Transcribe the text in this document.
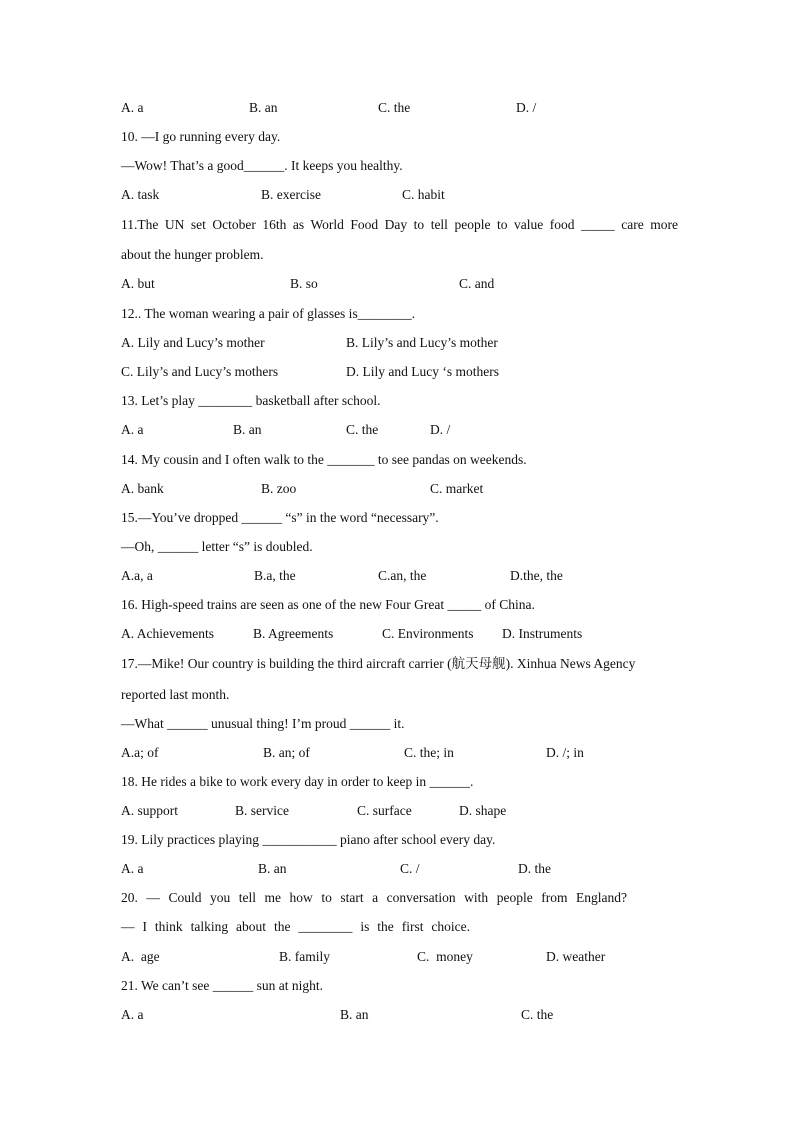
A. a	B. an	C. the	D. /
10. —I go running every day.
—Wow! That’s a good______. It keeps you healthy.
A. task	B. exercise	C. habit
11.The UN set October 16th as World Food Day to tell people to value food _____ care more
about the hunger problem.
A. but	B. so	C. and
12.. The woman wearing a pair of glasses is________.
A. Lily and Lucy’s mother	B. Lily’s and Lucy’s mother
C. Lily’s and Lucy’s mothers	D. Lily and Lucy ‘s mothers
13. Let’s play ________ basketball after school.
A. a	B. an	C. the	D. /
14. My cousin and I often walk to the _______ to see pandas on weekends.
A. bank	B. zoo	C. market
15.—You’ve dropped ______ “s” in the word “necessary”.
—Oh, ______ letter “s” is doubled.
A.a, a	B.a, the	C.an, the	D.the, the
16. High-speed trains are seen as one of the new Four Great _____ of China.
A. Achievements	B. Agreements	C. Environments D. Instruments
17.—Mike! Our country is building the third aircraft carrier (航天母舰). Xinhua News Agency
reported last month.
—What ______ unusual thing! I’m proud ______ it.
A.a; of	B. an; of	C. the; in	D. /; in
18. He rides a bike to work every day in order to keep in ______.
A. support	B. service	C. surface	D. shape
19. Lily practices playing ___________ piano after school every day.
A. a	B. an	C. /	D. the
20. — Could you tell me how to start a conversation with people from England?
— I think talking about the ________ is the first choice.
A.  age	B. family	C.  money	D. weather
21. We can’t see ______ sun at night.
A. a	B. an	C. the
